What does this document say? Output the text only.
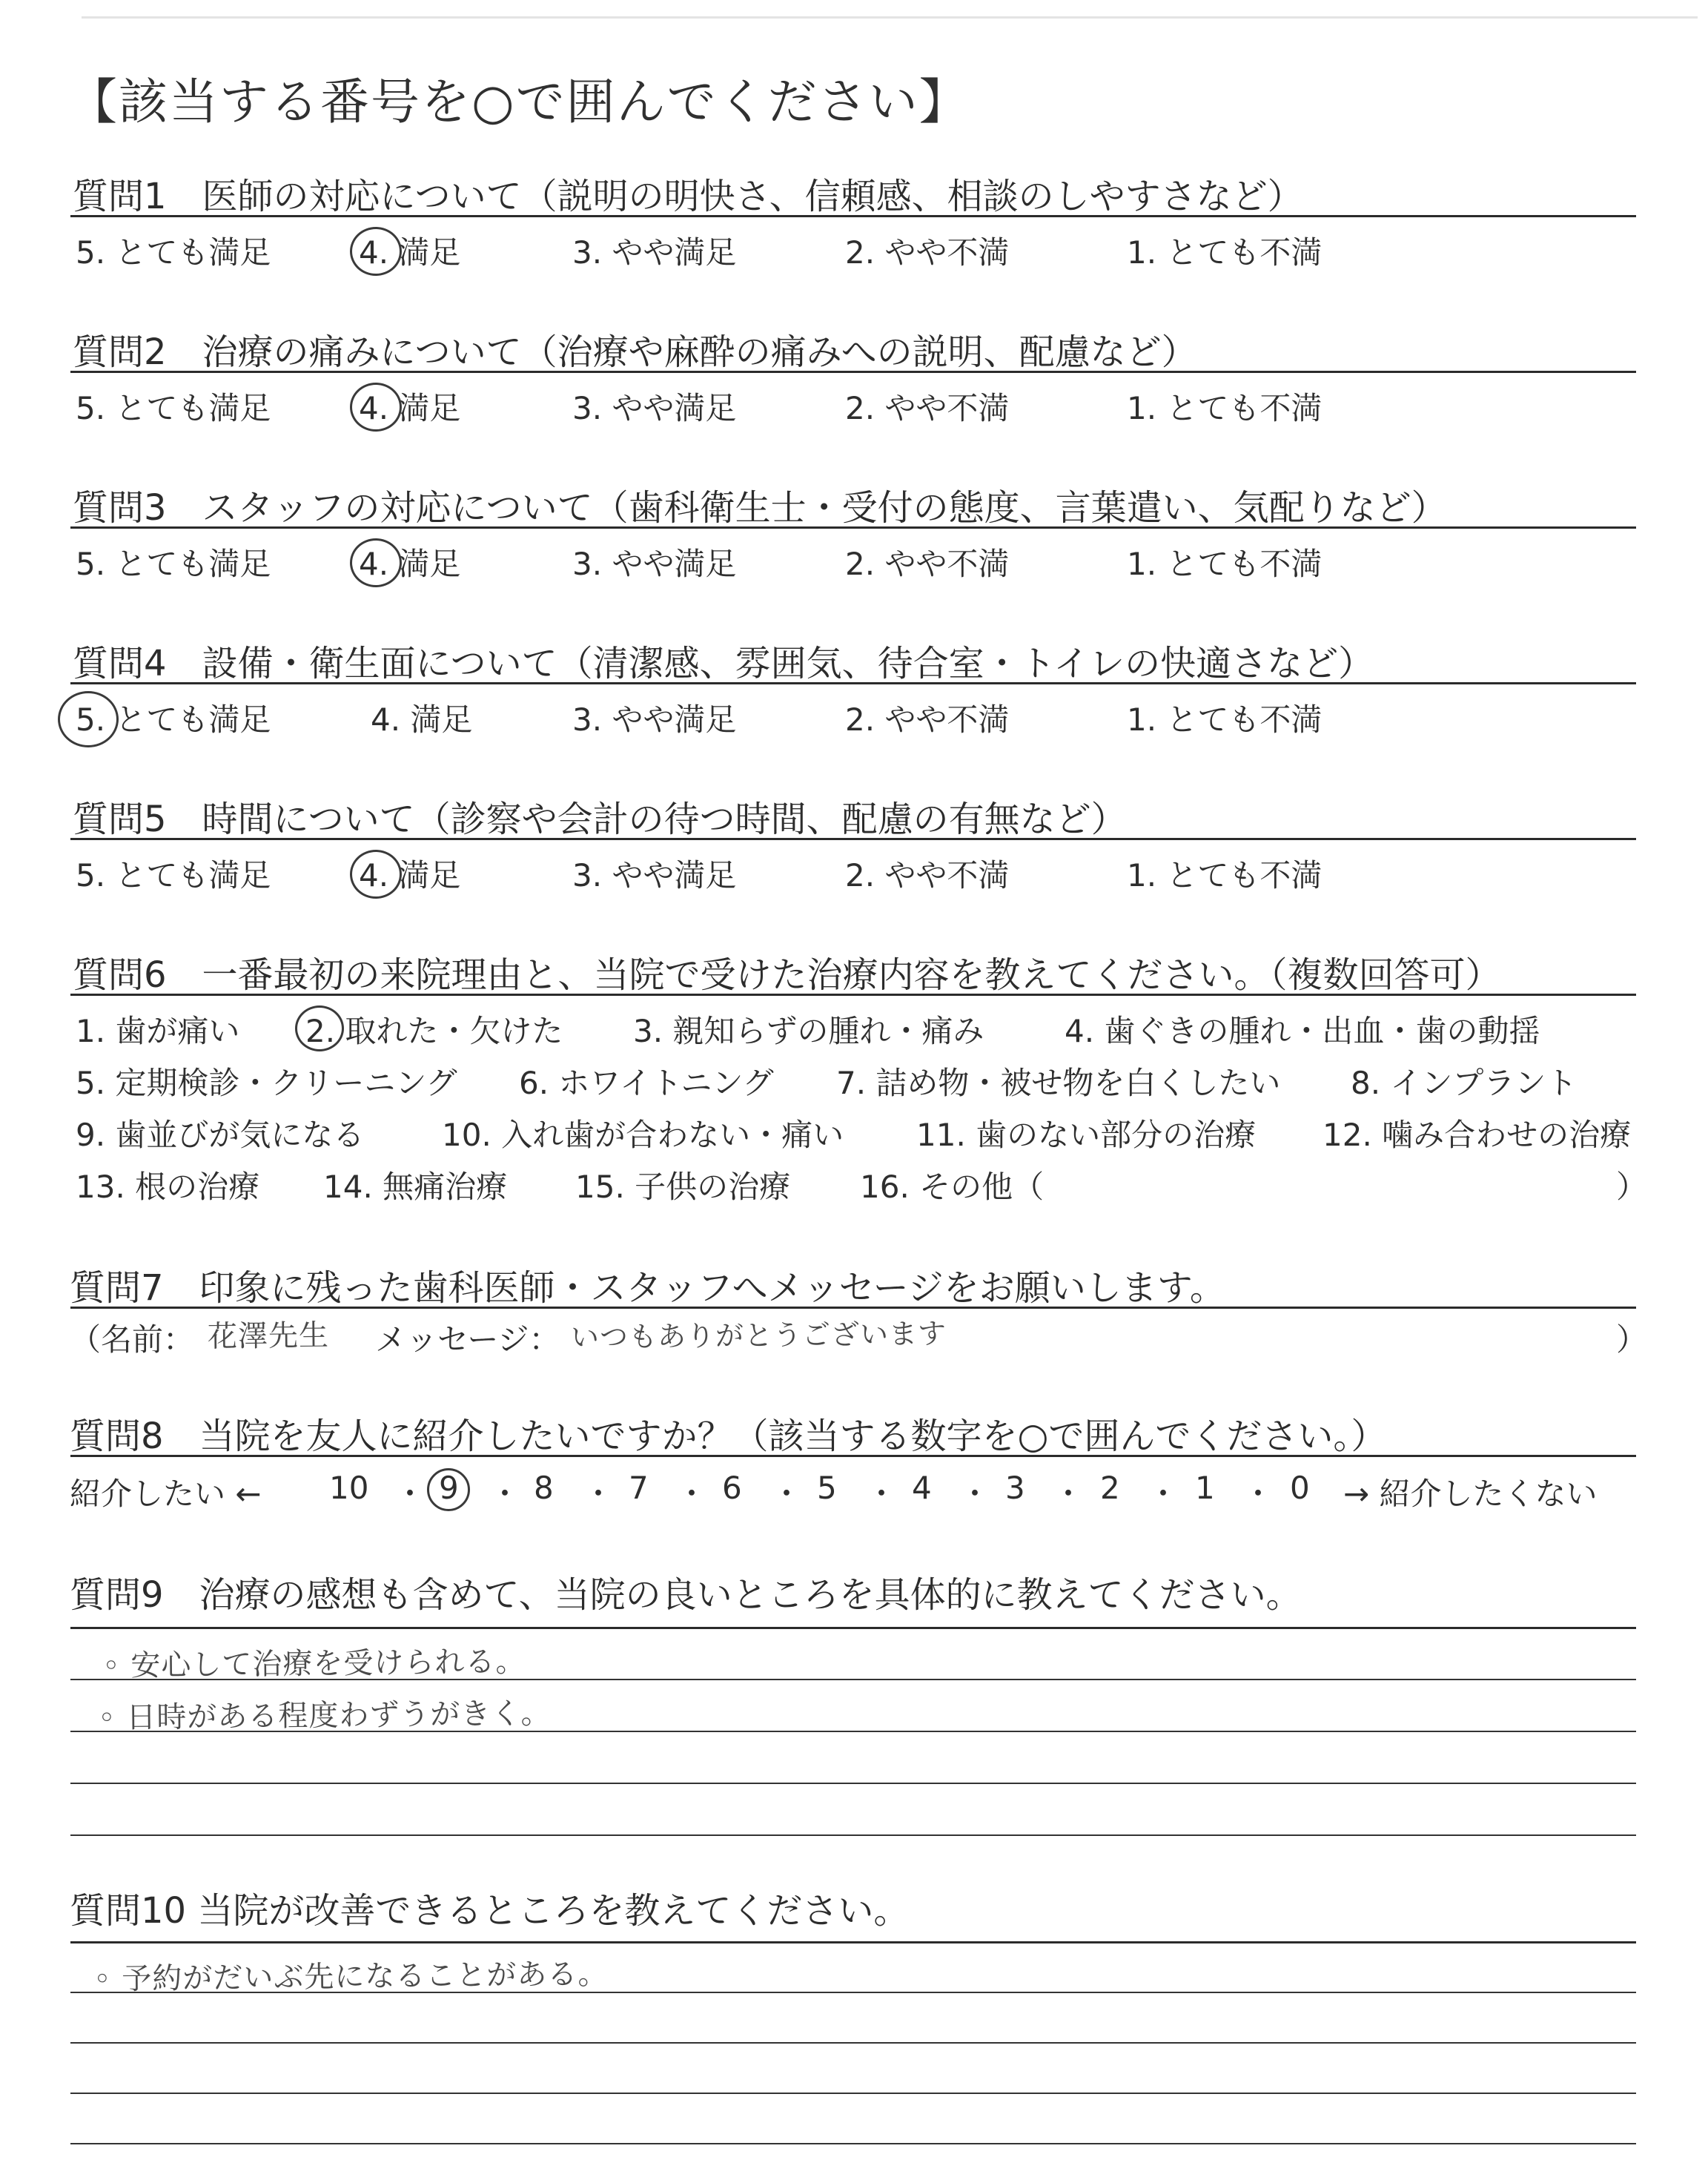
【該当する番号を○で囲んでください】
質問1　医師の対応について（説明の明快さ、信頼感、相談のしやすさなど）
5. とても満足	4. 満足	3. やや満足	2. やや不満	1. とても不満
質問2　治療の痛みについて（治療や麻酔の痛みへの説明、配慮など）
5. とても満足	4. 満足	3. やや満足	2. やや不満	1. とても不満
質問3　スタッフの対応について（歯科衛生士・受付の態度、言葉遣い、気配りなど）
5. とても満足	4. 満足	3. やや満足	2. やや不満	1. とても不満
質問4　設備・衛生面について（清潔感、雰囲気、待合室・トイレの快適さなど）
5. とても満足	4. 満足	3. やや満足	2. やや不満	1. とても不満
質問5　時間について（診察や会計の待つ時間、配慮の有無など）
5. とても満足	4. 満足	3. やや満足	2. やや不満	1. とても不満
質問6　一番最初の来院理由と、当院で受けた治療内容を教えてください。（複数回答可）
1. 歯が痛い 2. 取れた・欠けた 3. 親知らずの腫れ・痛み	4. 歯ぐきの腫れ・出血・歯の動揺
5. 定期検診・クリーニング 6. ホワイトニング 7. 詰め物・被せ物を白くしたい 8. インプラント
9. 歯並びが気になる 10. 入れ歯が合わない・痛い 11. 歯のない部分の治療 12. 噛み合わせの治療
13. 根の治療 14. 無痛治療 15. 子供の治療 16. その他（	）
質問7　印象に残った歯科医師・スタッフへメッセージをお願いします。
（名前： 花澤先生 メッセージ： いつもありがとうございます	）
質問8　当院を友人に紹介したいですか？（該当する数字を○で囲んでください。）
紹介したい ← 10 ・ 9 ・ 8 ・ 7 ・ 6 ・ 5 ・ 4 ・ 3 ・ 2 ・ 1 ・ 0 → 紹介したくない
質問9　治療の感想も含めて、当院の良いところを具体的に教えてください。
◦ 安心して治療を受けられる。
◦ 日時がある程度わずうがきく。
質問10 当院が改善できるところを教えてください。
◦ 予約がだいぶ先になることがある。
